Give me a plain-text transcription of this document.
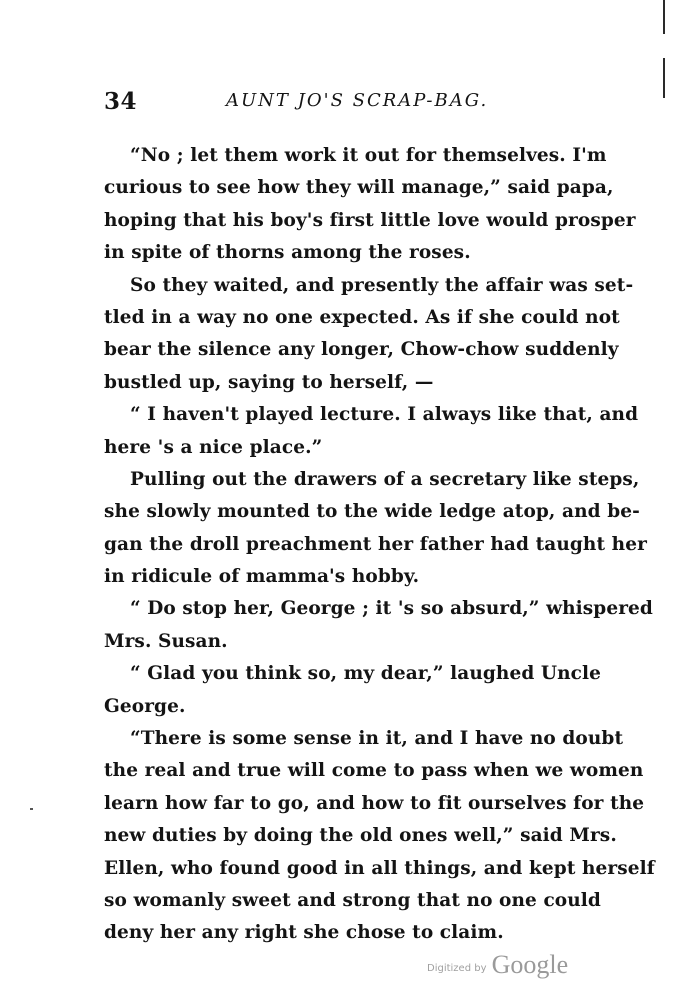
34	AUNT JO'S SCRAP-BAG.
“No ; let them work it out for themselves. I'm
curious to see how they will manage,” said papa,
hoping that his boy's first little love would prosper
in spite of thorns among the roses.
So they waited, and presently the affair was set-
tled in a way no one expected. As if she could not
bear the silence any longer, Chow-chow suddenly
bustled up, saying to herself, —
“ I haven't played lecture. I always like that, and
here 's a nice place.”
Pulling out the drawers of a secretary like steps,
she slowly mounted to the wide ledge atop, and be-
gan the droll preachment her father had taught her
in ridicule of mamma's hobby.
“ Do stop her, George ; it 's so absurd,” whispered
Mrs. Susan.
“ Glad you think so, my dear,” laughed Uncle
George.
“There is some sense in it, and I have no doubt
the real and true will come to pass when we women
learn how far to go, and how to fit ourselves for the
new duties by doing the old ones well,” said Mrs.
Ellen, who found good in all things, and kept herself
so womanly sweet and strong that no one could
deny her any right she chose to claim.
Digitized by Google
